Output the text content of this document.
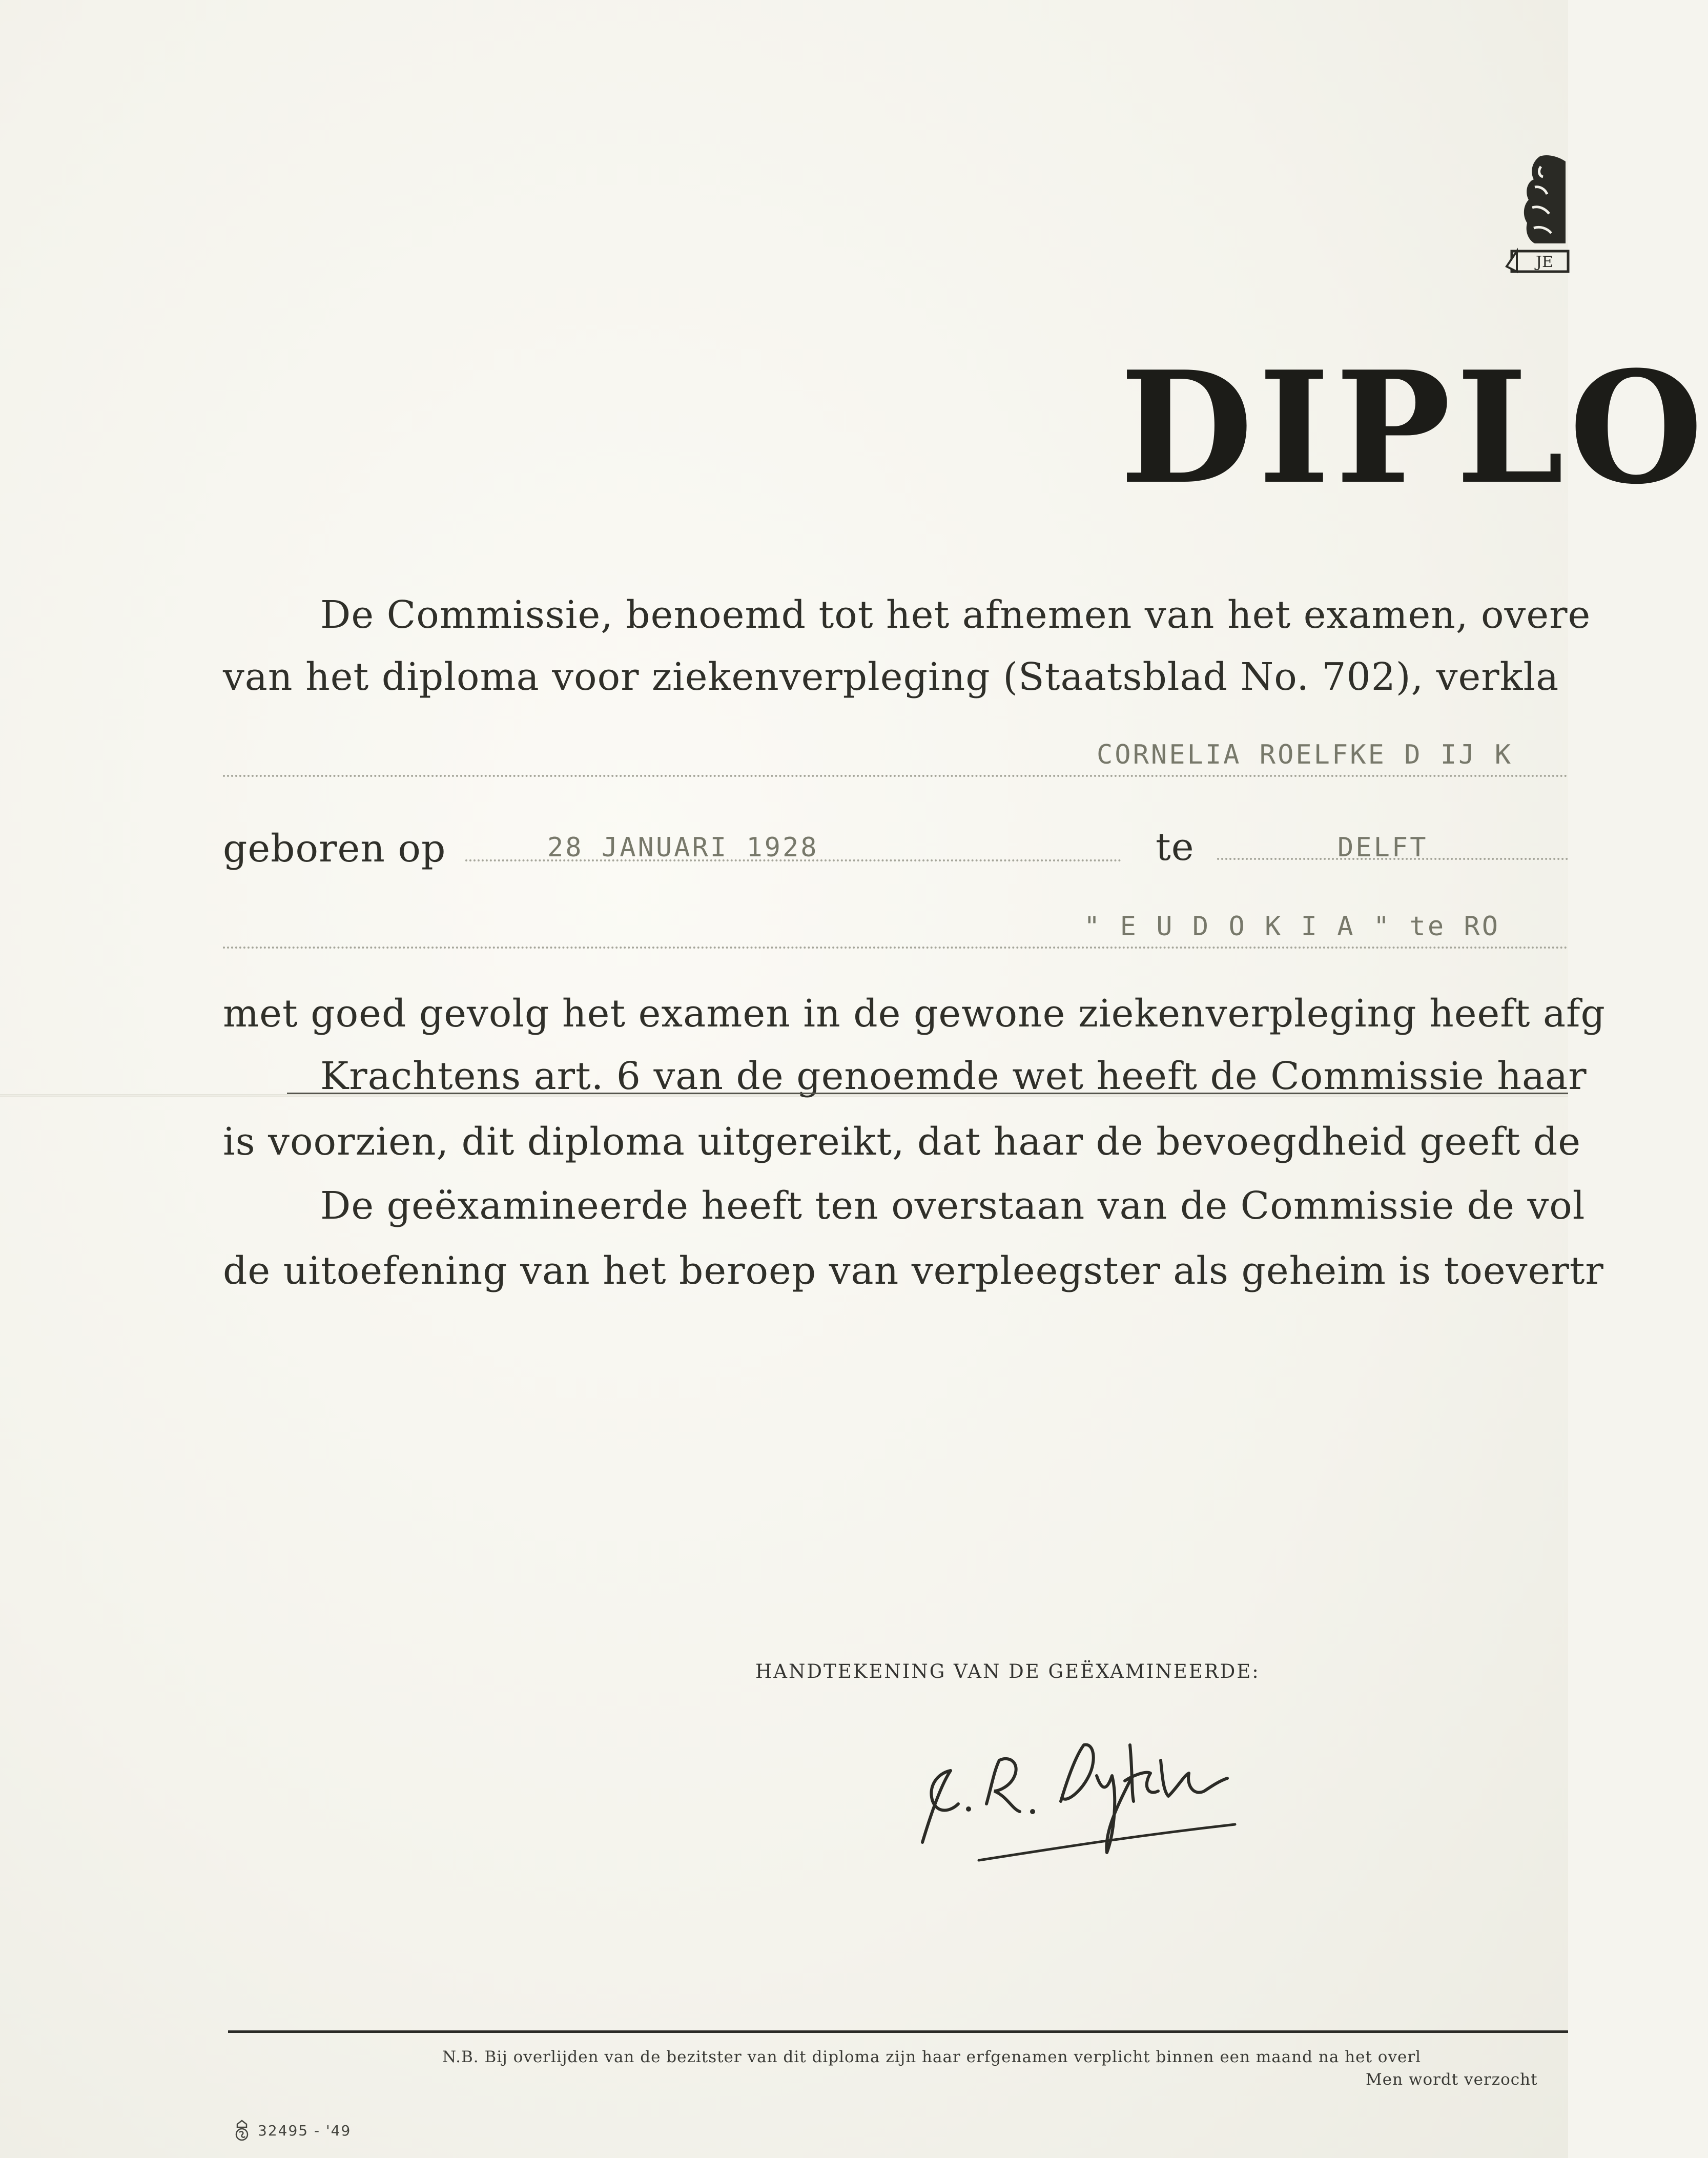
JE
DIPLO
De Commissie, benoemd tot het afnemen van het examen, overe
van het diploma voor ziekenverpleging (Staatsblad No. 702), verkla
CORNELIA ROELFKE D IJ K
geboren op	28 JANUARI 1928	te	DELFT
" E U D O K I A " te RO
met goed gevolg het examen in de gewone ziekenverpleging heeft afg
Krachtens art. 6 van de genoemde wet heeft de Commissie haar
is voorzien, dit diploma uitgereikt, dat haar de bevoegdheid geeft de
De geëxamineerde heeft ten overstaan van de Commissie de vol
de uitoefening van het beroep van verpleegster als geheim is toevertr
HANDTEKENING VAN DE GEËXAMINEERDE:
N.B. Bij overlijden van de bezitster van dit diploma zijn haar erfgenamen verplicht binnen een maand na het overl
Men wordt verzocht
32495 - '49
